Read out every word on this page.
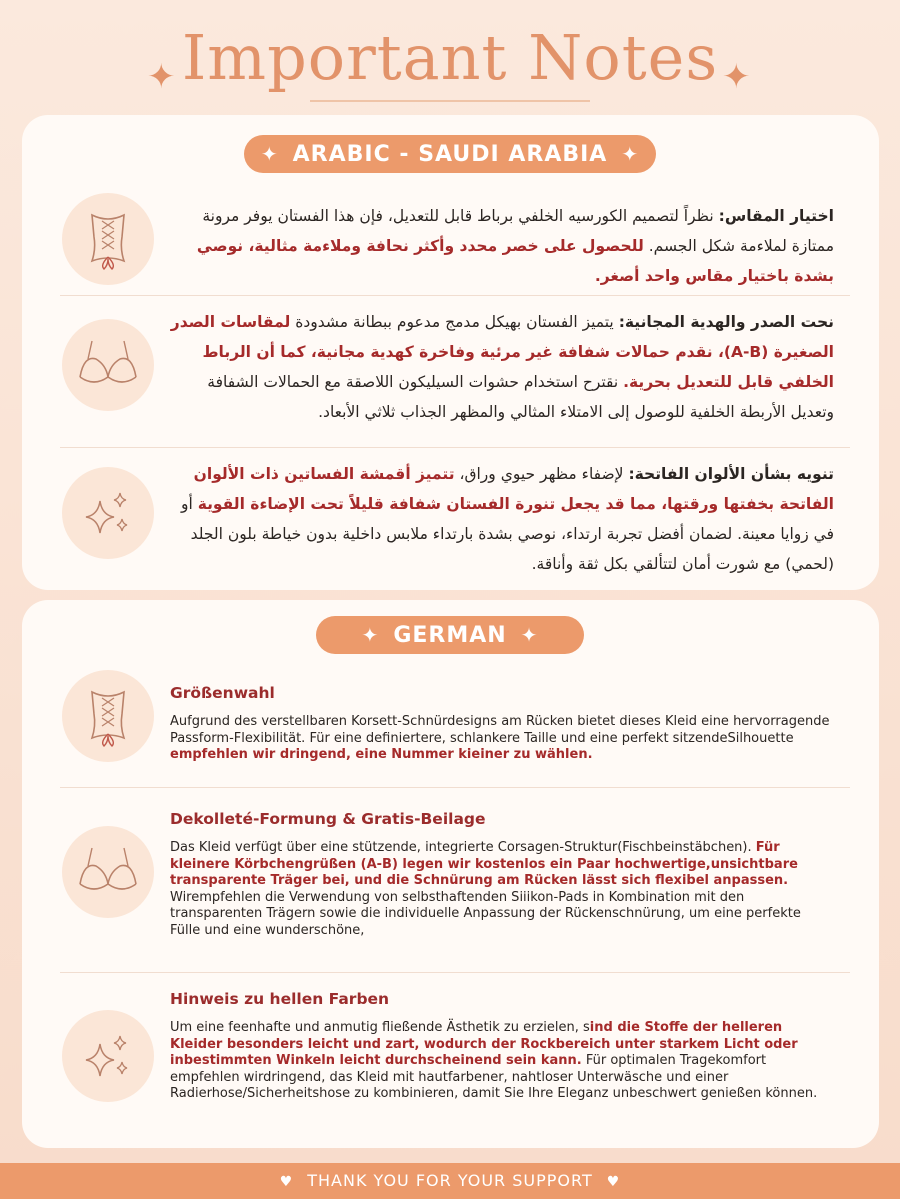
✦ Important Notes ✦
✦ ARABIC - SAUDI ARABIA ✦
اختيار المقاس: نظراً لتصميم الكورسيه الخلفي برباط قابل للتعديل، فإن هذا الفستان يوفر مرونة ممتازة لملاءمة شكل الجسم. للحصول على خصر محدد وأكثر نحافة وملاءمة مثالية، نوصي بشدة باختيار مقاس واحد أصغر.
نحت الصدر والهدية المجانية: يتميز الفستان بهيكل مدمج مدعوم ببطانة مشدودة لمقاسات الصدر الصغيرة (A-B)، نقدم حمالات شفافة غير مرئية وفاخرة كهدية مجانية، كما أن الرباط الخلفي قابل للتعديل بحرية. نقترح استخدام حشوات السيليكون اللاصقة مع الحمالات الشفافة وتعديل الأربطة الخلفية للوصول إلى الامتلاء المثالي والمظهر الجذاب ثلاثي الأبعاد.
تنويه بشأن الألوان الفاتحة: لإضفاء مظهر حيوي وراق، تتميز أقمشة الفساتين ذات الألوان الفاتحة بخفتها ورقتها، مما قد يجعل تنورة الفستان شفافة قليلاً تحت الإضاءة القوية أو في زوايا معينة. لضمان أفضل تجربة ارتداء، نوصي بشدة بارتداء ملابس داخلية بدون خياطة بلون الجلد (لحمي) مع شورت أمان لتتألقي بكل ثقة وأناقة.
✦ GERMAN ✦
Größenwahl
Aufgrund des verstellbaren Korsett-Schnürdesigns am Rücken bietet dieses Kleid eine hervorragende Passform-Flexibilität. Für eine definiertere, schlankere Taille und eine perfekt sitzendeSilhouette empfehlen wir dringend, eine Nummer kieiner zu wählen.
Dekolleté-Formung & Gratis-Beilage
Das Kleid verfügt über eine stützende, integrierte Corsagen-Struktur(Fischbeinstäbchen). Für kleinere Körbchengrüßen (A-B) legen wir kostenlos ein Paar hochwertige,unsichtbare transparente Träger bei, und die Schnürung am Rücken lässt sich flexibel anpassen. Wirempfehlen die Verwendung von selbsthaftenden Siiikon-Pads in Kombination mit den transparenten Trägern sowie die individuelle Anpassung der Rückenschnürung, um eine perfekte Fülle und eine wunderschöne,
Hinweis zu hellen Farben
Um eine feenhafte und anmutig fließende Ästhetik zu erzielen, sind die Stoffe der helleren Kleider besonders leicht und zart, wodurch der Rockbereich unter starkem Licht oder inbestimmten Winkeln leicht durchscheinend sein kann. Für optimalen Tragekomfort empfehlen wirdringend, das Kleid mit hautfarbener, nahtloser Unterwäsche und einer Radierhose/Sicherheitshose zu kombinieren, damit Sie Ihre Eleganz unbeschwert genießen können.
♥ THANK YOU FOR YOUR SUPPORT ♥
